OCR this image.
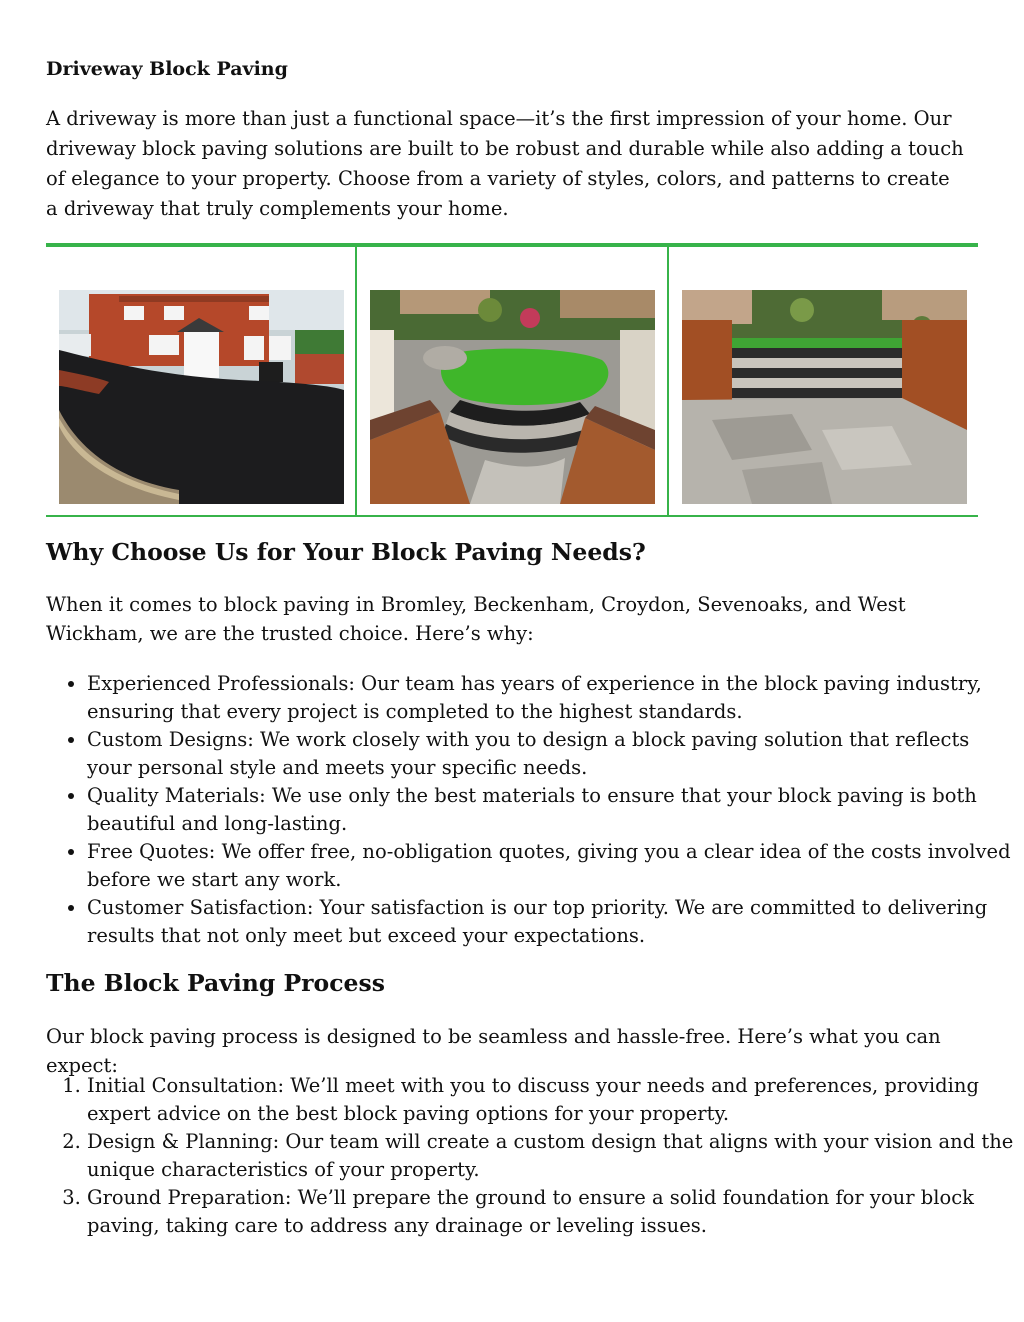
Driveway Block Paving

A driveway is more than just a functional space—it’s the first impression of your home. Our driveway block paving solutions are built to be robust and durable while also adding a touch of elegance to your property. Choose from a variety of styles, colors, and patterns to create a driveway that truly complements your home.

Why Choose Us for Your Block Paving Needs?

When it comes to block paving in Bromley, Beckenham, Croydon, Sevenoaks, and West Wickham, we are the trusted choice. Here’s why:

• Experienced Professionals: Our team has years of experience in the block paving industry, ensuring that every project is completed to the highest standards.
• Custom Designs: We work closely with you to design a block paving solution that reflects your personal style and meets your specific needs.
• Quality Materials: We use only the best materials to ensure that your block paving is both beautiful and long-lasting.
• Free Quotes: We offer free, no-obligation quotes, giving you a clear idea of the costs involved before we start any work.
• Customer Satisfaction: Your satisfaction is our top priority. We are committed to delivering results that not only meet but exceed your expectations.
The Block Paving Process

Our block paving process is designed to be seamless and hassle-free. Here’s what you can expect:

1. Initial Consultation: We’ll meet with you to discuss your needs and preferences, providing expert advice on the best block paving options for your property.
2. Design & Planning: Our team will create a custom design that aligns with your vision and the unique characteristics of your property.
3. Ground Preparation: We’ll prepare the ground to ensure a solid foundation for your block paving, taking care to address any drainage or leveling issues.
